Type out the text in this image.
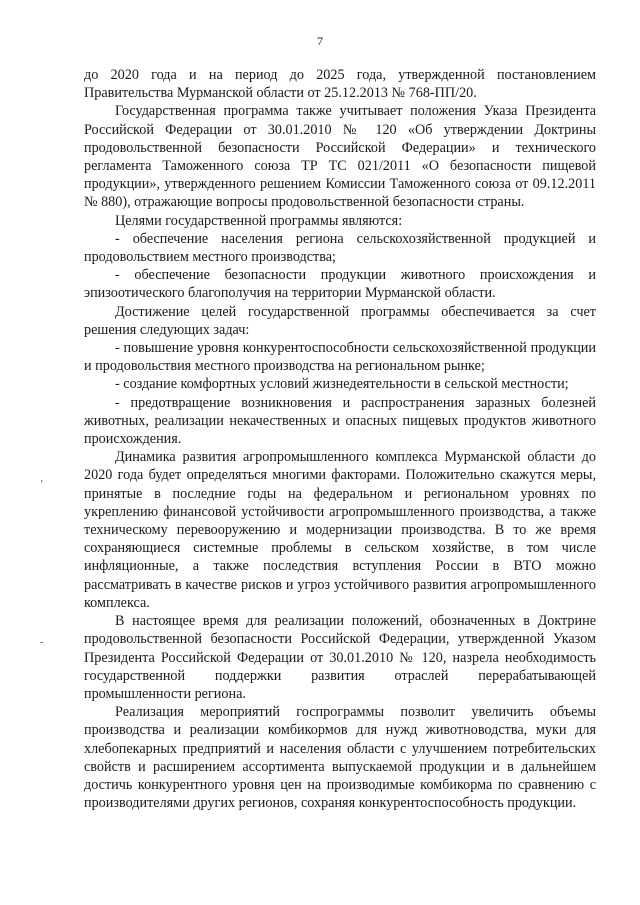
7
‚
-

до 2020 года и на период до 2025 года, утвержденной постановлением Правительства Мурманской области от 25.12.2013 № 768-ПП/20.

Государственная программа также учитывает положения Указа Президента Российской Федерации от 30.01.2010 № 120 «Об утверждении Доктрины продовольственной безопасности Российской Федерации» и технического регламента Таможенного союза ТР ТС 021/2011 «О безопасности пищевой продукции», утвержденного решением Комиссии Таможенного союза от 09.12.2011 № 880), отражающие вопросы продовольственной безопасности страны.

Целями государственной программы являются:

- обеспечение населения региона сельскохозяйственной продукцией и продовольствием местного производства;

- обеспечение безопасности продукции животного происхождения и эпизоотического благополучия на территории Мурманской области.

Достижение целей государственной программы обеспечивается за счет решения следующих задач:

- повышение уровня конкурентоспособности сельскохозяйственной продукции и продовольствия местного производства на региональном рынке;

- создание комфортных условий жизнедеятельности в сельской местности;

- предотвращение возникновения и распространения заразных болезней животных, реализации некачественных и опасных пищевых продуктов животного происхождения.

Динамика развития агропромышленного комплекса Мурманской области до 2020 года будет определяться многими факторами. Положительно скажутся меры, принятые в последние годы на федеральном и региональном уровнях по укреплению финансовой устойчивости агропромышленного производства, а также техническому перевооружению и модернизации производства. В то же время сохраняющиеся системные проблемы в сельском хозяйстве, в том числе инфляционные, а также последствия вступления России в ВТО можно рассматривать в качестве рисков и угроз устойчивого развития агропромышленного комплекса.

В настоящее время для реализации положений, обозначенных в Доктрине продовольственной безопасности Российской Федерации, утвержденной Указом Президента Российской Федерации от 30.01.2010 № 120, назрела необходимость государственной поддержки развития отраслей перерабатывающей промышленности региона.

Реализация мероприятий госпрограммы позволит увеличить объемы производства и реализации комбикормов для нужд животноводства, муки для хлебопекарных предприятий и населения области с улучшением потребительских свойств и расширением ассортимента выпускаемой продукции и в дальнейшем достичь конкурентного уровня цен на производимые комбикорма по сравнению с производителями других регионов, сохраняя конкурентоспособность продукции.
